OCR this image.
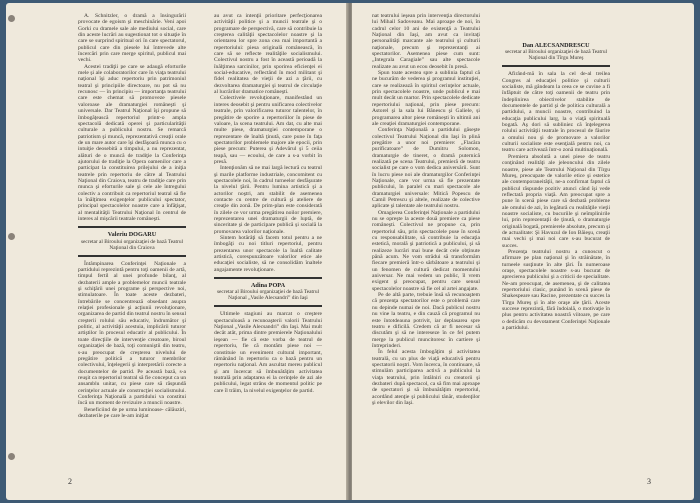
A. Schnitzler, o dramă a însingurării provocate de egoism şi meschinărie. Veni apoi Gorki cu dramele sale ale mediului social, care din aceste lucrări au sugestionat tot o situaţie în care se surprind spiritual ori în care spectatorul, publicul care din piesele lui întrevede alte încercări prin care merge spiritul, publicul mai vechi.

Acestei tradiţii pe care se adaugă eforturile mele şi ale colaboratorilor care în viaţa teatrului naţional îşi aduc repertoriu prin patrimoniul teatral şi principiile directoare, nu pot să nu recunosc — în principiu — importanţa teatrului care este chemat să promoveze piesele valoroase ale dramaturgiei româneşti şi universale. Dar Teatrul Naţional îşi propune să îmbogăţească repertoriul printr-o ampla spectacolă dedicată operei şi particularităţii culturale a publicului nostru. Se remarcă patriotism şi muncă, reprezentativă creaţii orale de un mare autor care îşi desfăşoară munca cu o intuiţie deosebită a timpului, a nu reprezentat, alături de o muncă de tradiţie la Conferinţa ajutorului de tradiţie la Opera oamenilor care a participat la constituirea prilejului de a iniţia teatrele prin repertoriu de către al Teatrului Naţional din Craiova, teatru de tradiţie care prin munca şi eforturile sale şi cele ale întregului colectiv a contribuit ca repertoriul teatral să fie la înălţimea exigenţelor publicului spectator, principal spectacolelor noastre care a înfăţişat, al mentalităţii Teatrului Naţional în centrul de interes al mişcării teatrale româneşti.

Valeriu DOGARU
secretar al Biroului organizaţiei de bază Teatrul Naţional din Craiova

Întâmpinarea Conferinţei Naţionale a partidului reprezintă pentru toţi oamenii de artă, timpul fertil al unei profunde bilanţ, al dezbaterii ample a problemelor muncii teatrale şi schiţării unei programe şi perspective noi, stimulatoare. În toate aceste dezbateri, întrebările se concentrează obsedant asupra relaţiei profesionale şi acţiunii revoluţionare, organizarea de partid din teatrul nostru în sensul creşterii rolului său educativ, îndrumător şi politic, al activităţii acestuia, implicării tuturor artiştilor în procesul educativ al publicului. În toate direcţiile de intervenţie creatoare, biroul organizaţiei de bază, toţi comuniştii din teatru, s-au preocupat de creşterea nivelului de pregătire politică a tuturor membrilor colectivului, înţelegerii şi interpretării corecte a documentelor de partid. Pe această bază, s-a reuşit ca repertoriul teatral să fie conceput ca un ansamblu unitar, cu piese care să răspundă cerinţelor actuale ale construcţiei socialismului. Conferinţa Naţională a partidului va constitui încă un moment de revizuire a muncii noastre.

Beneficiind de pe urma luminoase- călăuziri, dezbaterile pe care le-am iniţiat

au avut ca intenţii prioritare perfecţionarea activităţii politice şi a muncii teatrale şi o programare de perspectivă, care să contribuie la creşterea calităţii spectacolelor noastre şi la orientarea lor spre zona cea mai importantă a repertoriului: piesa originală românească, în care să se reflecte realităţile socialismului. Colectivul nostru a fost în această perioadă la înălţimea sarcinilor, prin sporirea eficienţei ei social-educative, reflectând în mod militant şi fidel realitatea de vieţii de azi a ţării, cu dezvoltarea dramaturgiei şi teatrul de circulaţie al lucrărilor dramatice româneşti.

Colectivele revoluţionare, manifestând un interes deosebit şi pentru unificarea colectivelor teatrale, prin valorificarea tuturor talentelor, în pregătire de sporire a repertoriilor în piese de valoare, la scena teatrului. Am dat, cu alte mai multe piese, dramaturgiei contemporane o reprezentare de înaltă ţinută, care pune în faţa spectatorilor problemele majore ale epocii, prin piese precum: Puterea şi Adevărul şi 5 ceiia teapă, sau — ecoului, de care a s-a vorbit în presă.

Intenţionăm să ne mai largă lectură cu teatrul şi marile platforme industriale, concomitent cu spectacolele noi, în cadrul turneelor desfăşurate la nivelul ţării. Pentru lumina artistică şi a actorilor noştri, am stabilit de asemenea contacte cu centre de cultură şi ateliere de creaţie din zonă. De prim-plan este considerată în zilele ce vor urma pregătirea noilor premiere, reprezentarea unei dramaturgii de luptă, de sinceritate şi de participare publică şi socială la promovarea valorilor naţionale.

Sintem hotărâţi să facem totul pentru a ne îmbogăţi cu noi titluri repertoriul, pentru prezentarea unor spectacole la înaltă calitate artistică, corespunzătoare valorilor etice ale educaţiei socialiste, să ne consolidăm înaltele angajamente revoluţionare.

Adina POPA
secretar al Biroului organizaţiei de bază Teatrul Naţional „Vasile Alecsandri” din Iaşi

Ultimele stagiuni au marcat o creştere spectaculoasă a recunoaşterii valorii Teatrului Naţional „Vasile Alecsandri” din Iaşi. Mai mult decât atât, prima dintre premierele Naţionalului ieşean — fie că este vorba de teatrul de repertoriu, fie că montăm piese noi — constituie un eveniment cultural important, rămânând în repertoriu ca o bază pentru un repertoriu naţional. Am ascultat mereu publicul şi am încercat să îmbunătăţim activitatea teatrală prin adaptarea ei la cerinţele de azi ale publicului, legat strâns de momentul politic pe care îl trăim, la nivelul exigenţelor de partid.

2

nat teatrului ieşean prin intervenţia directorului lui Mihail Sadoveanu. Mai aproape de noi, în cadrul celor 10 ani de existenţă a Teatrului Naţional din Iaşi, am avut ca invitaţi personalităţi marcante ale teatrului şi culturii naţionale, precum şi reprezentanţi ai spectatorilor. Asemenea piese cum sunt: „Integrala Caragiale” sau alte spectacole realizate au avut un ecou deosebit în presă.

Spun toate acestea spre a sublinia faptul că ne bucurăm de vederea şi programul instituţiei, care se realizează în spiritul cerinţelor actuale, prin spectacolele noastre, unde publicul e mai mult decât un martor. Prin spectacolele dedicate repertoriului naţional, prin piese precum: Astorel şi la sala lui Bănescu şi Galiele, și programarea altor piese românești în ultimii ani ale creaţiei dramaturgiei contemporane.

Conferinţa Naţională a partidului găseşte colectivul Teatrului Naţional din Iaşi în plină pregătire a unor noi premiere: „Flacăra purificatoare” de Dumitru Solomon, dramaturgie de tineret, o dramă puternică realizată pe scena Teatrului, premieră de teatru socialist pe care o vom dedica aniversării. Sunt în lucru piese noi ale dramaturgilor Conferinţei Naţionale, care vor urma să fie prezentate publicului, în paralel cu mari spectacole ale dramaturgiei universale: Mitică Popescu de Camil Petrescu şi altele, realizate de colective aplicate şi talentate ale teatrului nostru.

Omagierea Conferinţei Naţionale a partidului nu se opreşte la aceste două premiere ca piese româneşti. Colectivul ne propune ca, prin repertoriul său, prin spectacolele puse în scenă cu responsabilitate, să contribuie la educaţia estetică, morală şi patriotică a publicului, şi să realizeze lucrări mai bune decât cele obţinute până acum. Ne vom strădui să transformăm fiecare premieră într-o sărbătoare a teatrului şi un fenomen de cultură dedicat momentului aniversar. Ne mai vedem un public, îl vrem exigent şi preocupat, pentru care sensul spectacolelor noastre să fie cel al artei angajate.

Pe de altă parte, trebuie însă să recunoaştem că prezenţa spectatorilor este o problemă care nu depinde numai de noi. Dacă publicul nostru nu vine la teatru, e din cauză că programul nu este întotdeauna potrivit, iar deplasarea spre teatru e dificilă. Credem că ar fi necesar să discutăm şi să ne intereseze în ce fel putem merge la publicul muncitoresc în cartiere şi întreprinderi.

În felul acesta îmbogăţim şi activitatea teatrală, cu un plus de viaţă educativă pentru spectatorii noştri. Vom încerca, în continuare, să stimulăm participarea activă a publicului la viaţa teatrului, prin întâlniri cu creatorii şi dezbateri după spectacol, ca să fim mai aproape de spectatori şi să îmbunătăţim repertoriul, acordând atenţie şi publicului tânăr, studenţilor şi elevilor din Iaşi.

Dan ALECSANDRESCU
secretar al Biroului organizaţiei de bază Teatrul Naţional din Tîrgu Mureş

Afirând-mă în sala la cel de-al treilea Congres al educaţiei politice şi culturii socialiste, mă gândeam la ceea ce se cuvine a fi înfăptuit de către toţi oamenii de teatru prin îndeplinirea obiectivelor stabilite de documentele de partid şi de politica culturală a partidului, a muncii noastre, contribuind la educaţia publicului larg, la o viaţă spirituală bogată. Aş dori să subliniez că înţelegerea rolului activităţii teatrale în procesul de făurire a omului nou şi de promovare a valorilor culturii socialiste este esenţială pentru noi, ca teatru care activează într-o zonă multinaţională.

Premiera absolută a unei piese de teatru conţinând realităţi ale jeleoncului din zilele noastre, piese ale Teatrului Naţional din Tîrgu Mureş, preocupate de valorile etice şi estetice ale contemporaneităţii, ne-a confirmat faptul că publicul răspunde pozitiv atunci când îşi vede reflectată propria viaţă. Am preocupat spre a pune în scenă piese care să dezbată probleme ale omului de azi, în legătură cu realităţile vieţii noastre socialiste, cu bucuriile şi neîmplinirile lui, prin reprezentaţii de ţinută, o dramaturgie originală bogată, premierele absolute, precum şi de actualitate: Şi Havuzul de Ion Băieşu, creaţii mai vechi şi mai noi care s-au bucurat de succes.

Prezenţa teatrului nostru a cunoscut o afirmare pe plan naţional şi în străinătate, în turneele susţinute în alte ţări. În numeroase oraşe, spectacolele noastre s-au bucurat de aprecierea publicului şi a criticii de specialitate. Ne-am preocupat, de asemenea, şi de calitatea repertoriului clasic, punând în scenă piese de Shakespeare sau Racine, prezentate cu succes la Tîrgu Mureş şi în alte oraşe ale ţării. Aceste succese reprezintă, fără îndoială, o motivaţie în plus pentru activitatea noastră viitoare, pe care o dedicăm cu devotament Conferinţei Naţionale a partidului.

3
